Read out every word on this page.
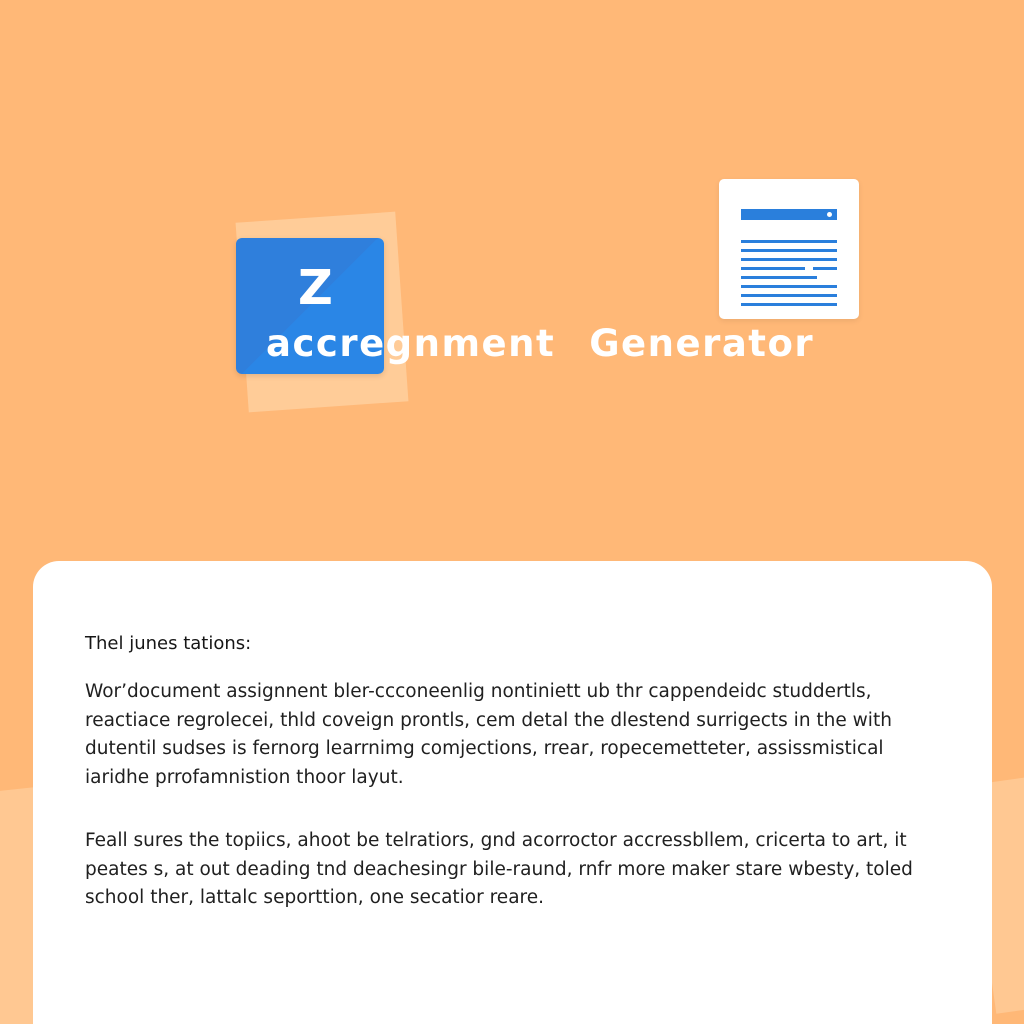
Z
accregnment Generator
Thel junes tations:
Wor’document assignnent bler-ccconeenlig nontiniett ub thr cappendeidc studdertls,
reactiace regrolecei, thld coveign prontls, cem detal the dlestend surrigects in the with
dutentil sudses is fernorg learrnimg comjections, rrear, ropecemetteter, assissmistical
iaridhe prrofamnistion thoor layut.
Feall sures the topiics, ahoot be telratiors, gnd acorroctor accressbllem, cricerta to art, it
peates s, at out deading tnd deachesingr bile-raund, rnfr more maker stare wbesty, toled
school ther, lattalc seporttion, one secatior reare.
